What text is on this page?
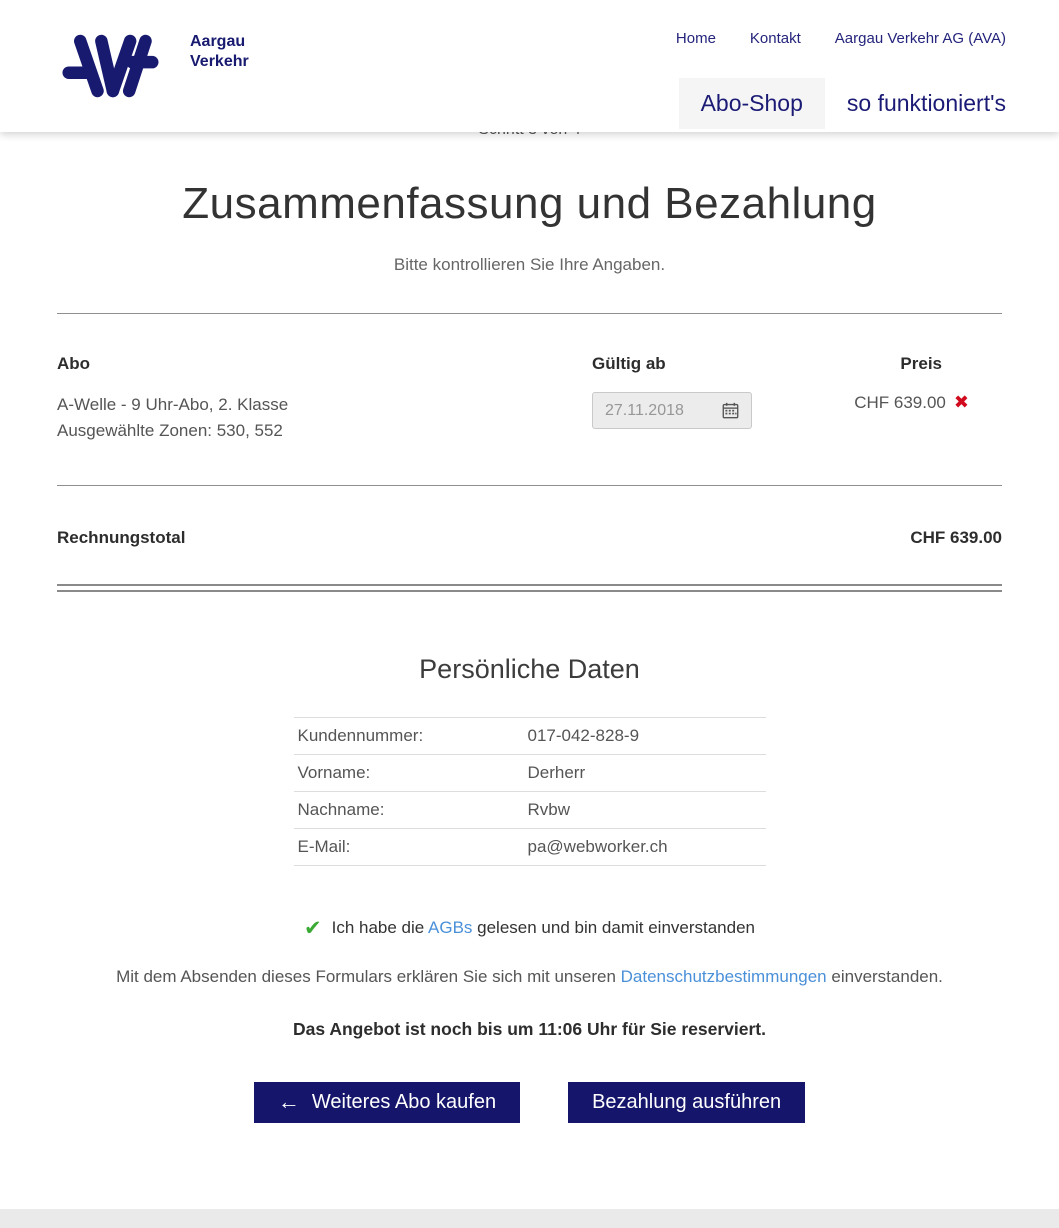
Aargau
Verkehr
Home Kontakt Aargau Verkehr AG (AVA)
Abo-Shop	so funktioniert's
Zusammenfassung und Bezahlung

Bitte kontrollieren Sie Ihre Angaben.

Abo	Gültig ab	Preis
A-Welle - 9 Uhr-Abo, 2. Klasse
Ausgewählte Zonen: 530, 552
27.11.2018	CHF 639.00 ✖
Rechnungstotal	CHF 639.00
Persönliche Daten
Kundennummer:	017-042-828-9
Vorname:	Derherr
Nachname:	Rvbw
E-Mail:	pa@webworker.ch
✔ Ich habe die AGBs gelesen und bin damit einverstanden
Mit dem Absenden dieses Formulars erklären Sie sich mit unseren Datenschutzbestimmungen einverstanden.
Das Angebot ist noch bis um 11:06 Uhr für Sie reserviert.
← Weiteres Abo kaufen	Bezahlung ausführen
